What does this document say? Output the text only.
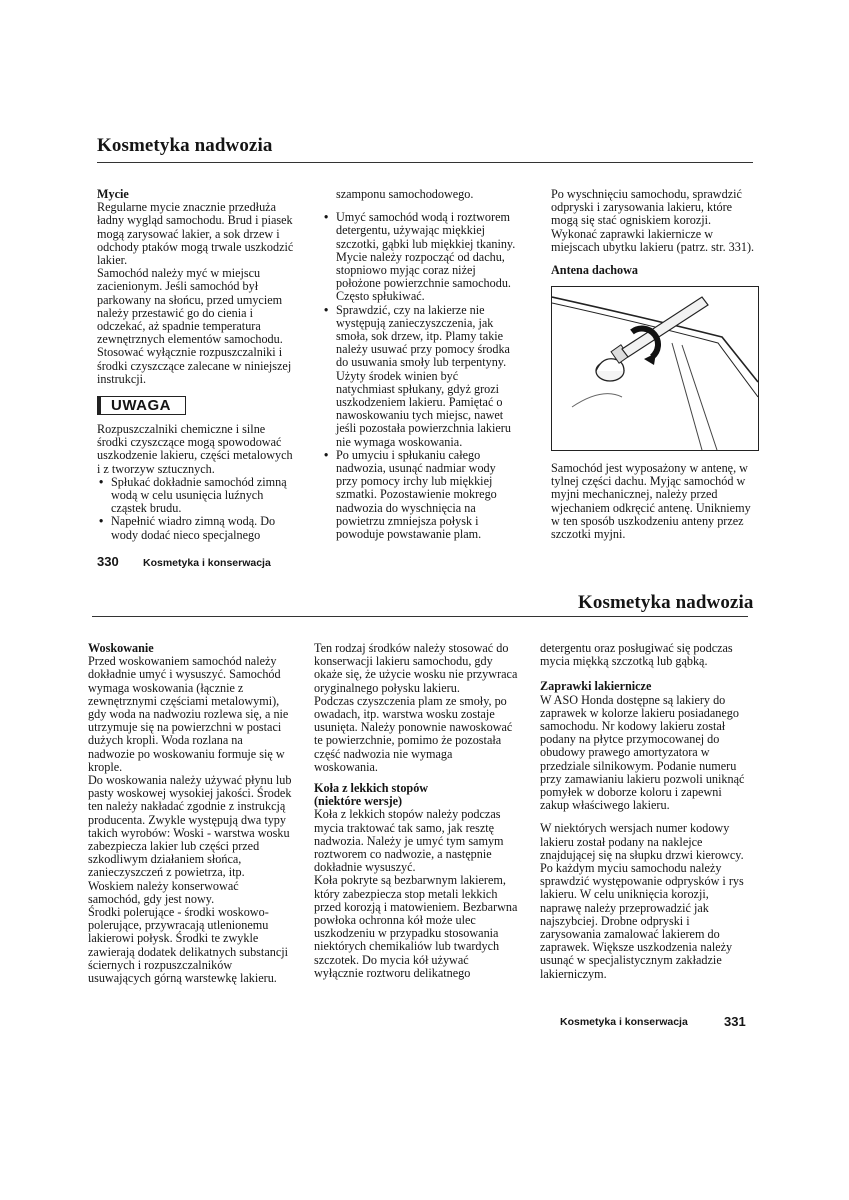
Kosmetyka nadwozia

Mycie

Regularne mycie znacznie przedłuża ładny wygląd samochodu. Brud i piasek mogą zarysować lakier, a sok drzew i odchody ptaków mogą trwale uszkodzić lakier.

Samochód należy myć w miejscu zacienionym. Jeśli samochód był parkowany na słońcu, przed umyciem należy przestawić go do cienia i odczekać, aż spadnie temperatura zewnętrznych elementów samochodu.

Stosować wyłącznie rozpuszczalniki i środki czyszczące zalecane w niniejszej instrukcji.

UWAGA

Rozpuszczalniki chemiczne i silne środki czyszczące mogą spowodować uszkodzenie lakieru, części metalowych i z tworzyw sztucznych.

• Spłukać dokładnie samochód zimną wodą w celu usunięcia luźnych cząstek brudu.
• Napełnić wiadro zimną wodą. Do wody dodać nieco specjalnego

szamponu samochodowego.

• Umyć samochód wodą i roztworem detergentu, używając miękkiej szczotki, gąbki lub miękkiej tkaniny. Mycie należy rozpocząć od dachu, stopniowo myjąc coraz niżej położone powierzchnie samochodu. Często spłukiwać.
• Sprawdzić, czy na lakierze nie występują zanieczyszczenia, jak smoła, sok drzew, itp. Plamy takie należy usuwać przy pomocy środka do usuwania smoły lub terpentyny. Użyty środek winien być natychmiast spłukany, gdyż grozi uszkodzeniem lakieru. Pamiętać o nawoskowaniu tych miejsc, nawet jeśli pozostała powierzchnia lakieru nie wymaga woskowania.
• Po umyciu i spłukaniu całego nadwozia, usunąć nadmiar wody przy pomocy irchy lub miękkiej szmatki. Pozostawienie mokrego nadwozia do wyschnięcia na powietrzu zmniejsza połysk i powoduje powstawanie plam.

Po wyschnięciu samochodu, sprawdzić odpryski i zarysowania lakieru, które mogą się stać ogniskiem korozji. Wykonać zaprawki lakiernicze w miejscach ubytku lakieru (patrz. str. 331).

Antena dachowa

Samochód jest wyposażony w antenę, w tylnej części dachu. Myjąc samochód w myjni mechanicznej, należy przed wjechaniem odkręcić antenę. Unikniemy w ten sposób uszkodzeniu anteny przez szczotki myjni.

330 Kosmetyka i konserwacja
Kosmetyka nadwozia

Woskowanie

Przed woskowaniem samochód należy dokładnie umyć i wysuszyć. Samochód wymaga woskowania (łącznie z zewnętrznymi częściami metalowymi), gdy woda na nadwoziu rozlewa się, a nie utrzymuje się na powierzchni w postaci dużych kropli. Woda rozlana na nadwozie po woskowaniu formuje się w krople.

Do woskowania należy używać płynu lub pasty woskowej wysokiej jakości. Środek ten należy nakładać zgodnie z instrukcją producenta. Zwykle występują dwa typy takich wyrobów: Woski - warstwa wosku zabezpiecza lakier lub części przed szkodliwym działaniem słońca, zanieczyszczeń z powietrza, itp. Woskiem należy konserwować samochód, gdy jest nowy.

Środki polerujące - środki woskowo-polerujące, przywracają utlenionemu lakierowi połysk. Środki te zwykle zawierają dodatek delikatnych substancji ściernych i rozpuszczalników usuwających górną warstewkę lakieru.

Ten rodzaj środków należy stosować do konserwacji lakieru samochodu, gdy okaże się, że użycie wosku nie przywraca oryginalnego połysku lakieru.

Podczas czyszczenia plam ze smoły, po owadach, itp. warstwa wosku zostaje usunięta. Należy ponownie nawoskować te powierzchnie, pomimo że pozostała część nadwozia nie wymaga woskowania.

Koła z lekkich stopów

(niektóre wersje)

Koła z lekkich stopów należy podczas mycia traktować tak samo, jak resztę nadwozia. Należy je umyć tym samym roztworem co nadwozie, a następnie dokładnie wysuszyć.

Koła pokryte są bezbarwnym lakierem, który zabezpiecza stop metali lekkich przed korozją i matowieniem. Bezbarwna powłoka ochronna kół może ulec uszkodzeniu w przypadku stosowania niektórych chemikaliów lub twardych szczotek. Do mycia kół używać wyłącznie roztworu delikatnego

detergentu oraz posługiwać się podczas mycia miękką szczotką lub gąbką.

Zaprawki lakiernicze

W ASO Honda dostępne są lakiery do zaprawek w kolorze lakieru posiadanego samochodu. Nr kodowy lakieru został podany na płytce przymocowanej do obudowy prawego amortyzatora w przedziale silnikowym. Podanie numeru przy zamawianiu lakieru pozwoli uniknąć pomyłek w doborze koloru i zapewni zakup właściwego lakieru.

W niektórych wersjach numer kodowy lakieru został podany na naklejce znajdującej się na słupku drzwi kierowcy.

Po każdym myciu samochodu należy sprawdzić występowanie odprysków i rys lakieru. W celu uniknięcia korozji, naprawę należy przeprowadzić jak najszybciej. Drobne odpryski i zarysowania zamalować lakierem do zaprawek. Większe uszkodzenia należy usunąć w specjalistycznym zakładzie lakierniczym.

Kosmetyka i konserwacja	331
